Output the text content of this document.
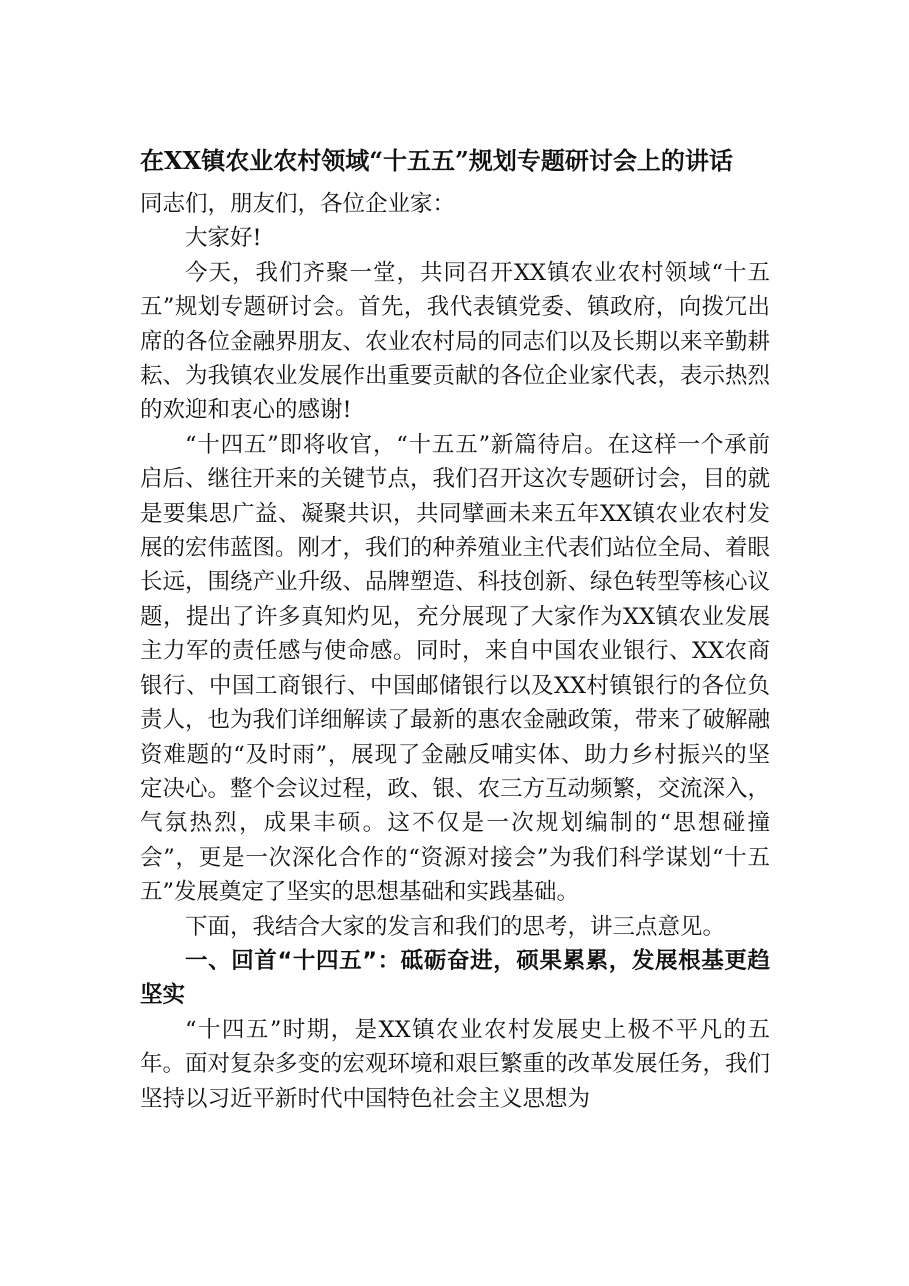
在XX镇农业农村领域“十五五”规划专题研讨会上的讲话

同志们，朋友们，各位企业家：

大家好!

今天，我们齐聚一堂，共同召开XX镇农业农村领域“十五五”规划专题研讨会。首先，我代表镇党委、镇政府，向拨冗出席的各位金融界朋友、农业农村局的同志们以及长期以来辛勤耕耘、为我镇农业发展作出重要贡献的各位企业家代表，表示热烈的欢迎和衷心的感谢!

“十四五”即将收官，“十五五”新篇待启。在这样一个承前启后、继往开来的关键节点，我们召开这次专题研讨会，目的就是要集思广益、凝聚共识，共同擘画未来五年XX镇农业农村发展的宏伟蓝图。刚才，我们的种养殖业主代表们站位全局、着眼长远，围绕产业升级、品牌塑造、科技创新、绿色转型等核心议题，提出了许多真知灼见，充分展现了大家作为XX镇农业发展主力军的责任感与使命感。同时，来自中国农业银行、XX农商银行、中国工商银行、中国邮储银行以及XX村镇银行的各位负责人，也为我们详细解读了最新的惠农金融政策，带来了破解融资难题的“及时雨”，展现了金融反哺实体、助力乡村振兴的坚定决心。整个会议过程，政、银、农三方互动频繁，交流深入，气氛热烈，成果丰硕。这不仅是一次规划编制的“思想碰撞会”，更是一次深化合作的“资源对接会”为我们科学谋划“十五五”发展奠定了坚实的思想基础和实践基础。

下面，我结合大家的发言和我们的思考，讲三点意见。

一、回首“十四五”：砥砺奋进，硕果累累，发展根基更趋坚实

“十四五”时期，是XX镇农业农村发展史上极不平凡的五年。面对复杂多变的宏观环境和艰巨繁重的改革发展任务，我们坚持以习近平新时代中国特色社会主义思想为
